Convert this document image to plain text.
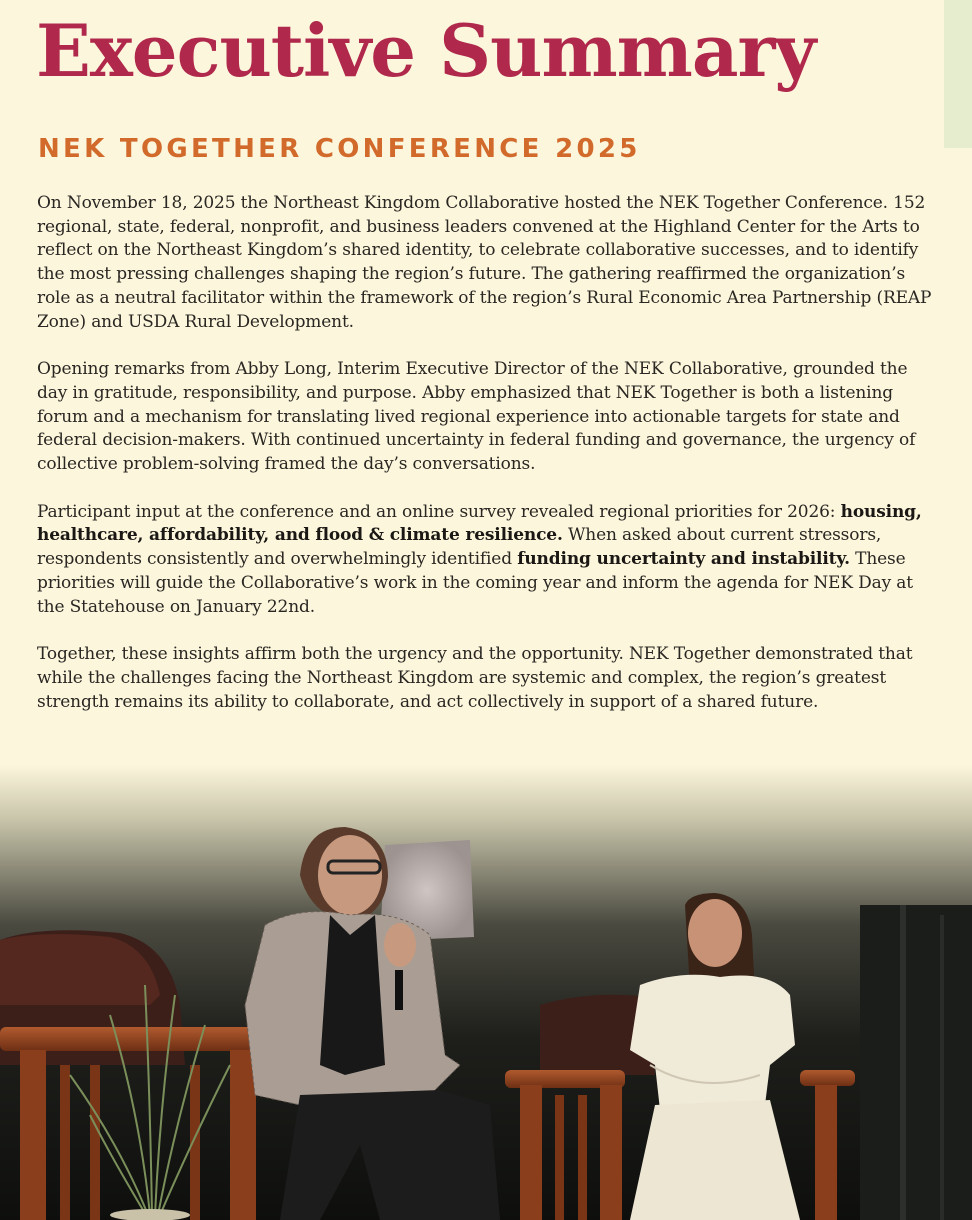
Executive Summary
NEK TOGETHER CONFERENCE 2025

On November 18, 2025 the Northeast Kingdom Collaborative hosted the NEK Together Conference. 152 regional, state, federal, nonprofit, and business leaders convened at the Highland Center for the Arts to reflect on the Northeast Kingdom’s shared identity, to celebrate collaborative successes, and to identify the most pressing challenges shaping the region’s future. The gathering reaffirmed the organization’s role as a neutral facilitator within the framework of the region’s Rural Economic Area Partnership (REAP Zone) and USDA Rural Development.

Opening remarks from Abby Long, Interim Executive Director of the NEK Collaborative, grounded the day in gratitude, responsibility, and purpose. Abby emphasized that NEK Together is both a listening forum and a mechanism for translating lived regional experience into actionable targets for state and federal decision-makers. With continued uncertainty in federal funding and governance, the urgency of collective problem-solving framed the day’s conversations.

Participant input at the conference and an online survey revealed regional priorities for 2026: housing, healthcare, affordability, and flood & climate resilience. When asked about current stressors, respondents consistently and overwhelmingly identified funding uncertainty and instability. These priorities will guide the Collaborative’s work in the coming year and inform the agenda for NEK Day at the Statehouse on January 22nd.

Together, these insights affirm both the urgency and the opportunity. NEK Together demonstrated that while the challenges facing the Northeast Kingdom are systemic and complex, the region’s greatest strength remains its ability to collaborate, and act collectively in support of a shared future.
